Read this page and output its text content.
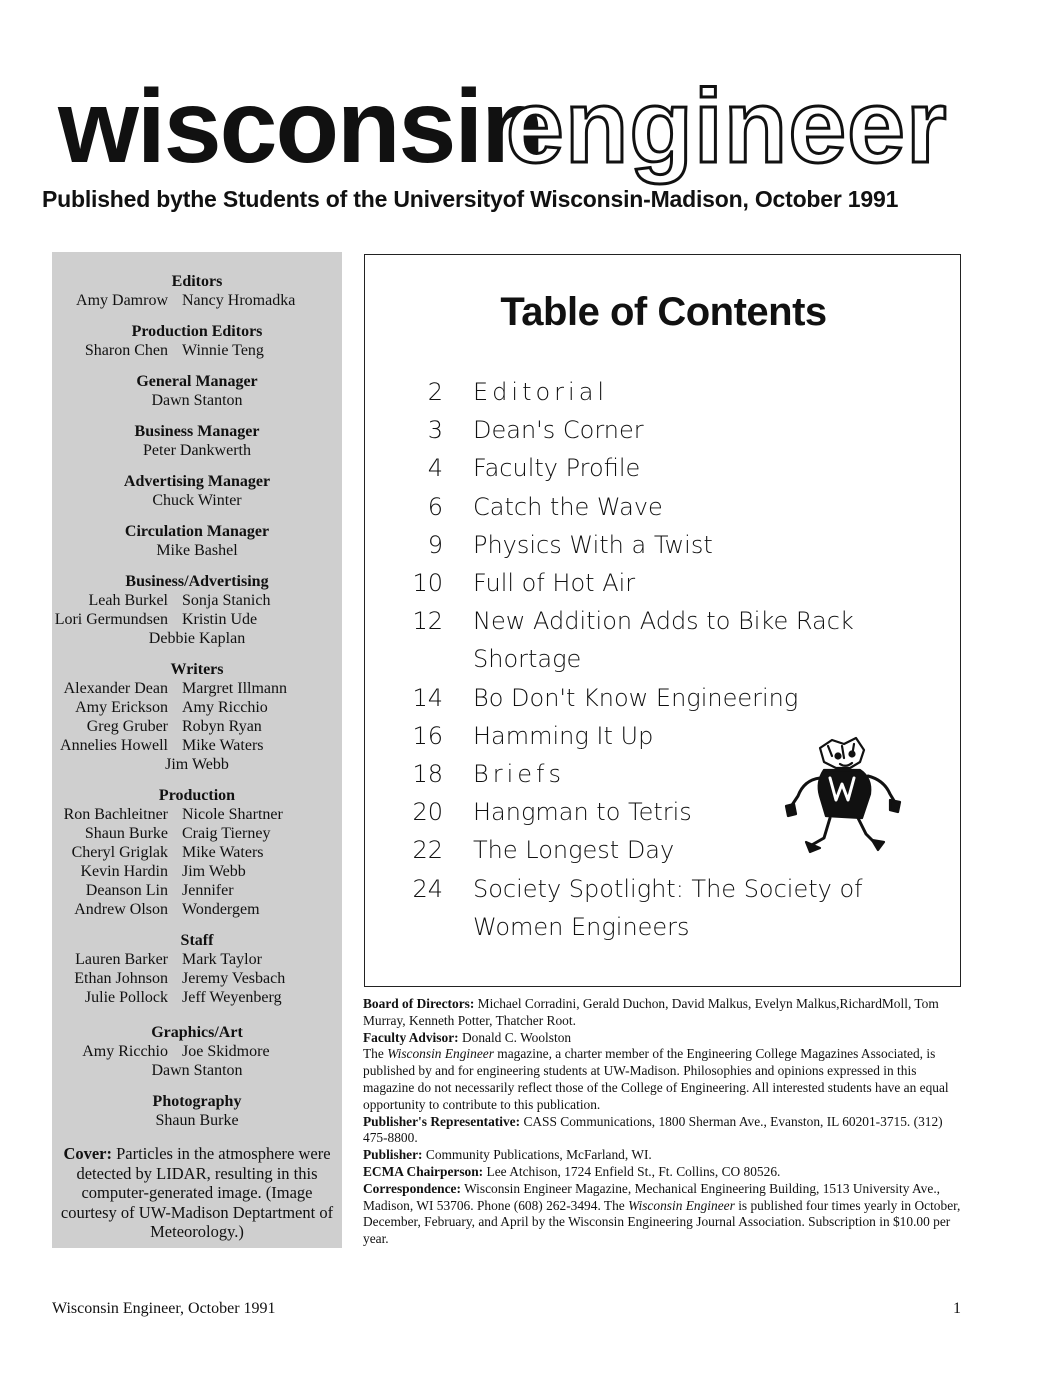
wisconsin
engineer
Published bythe Students of the Universityof Wisconsin-Madison, October 1991
Editors
Amy Damrow Nancy Hromadka
Production Editors
Sharon Chen Winnie Teng
General Manager
Dawn Stanton
Business Manager
Peter Dankwerth
Advertising Manager
Chuck Winter
Circulation Manager
Mike Bashel
Business/Advertising
Leah Burkel Sonja Stanich
Lori Germundsen Kristin Ude
Debbie Kaplan
Writers
Alexander Dean Margret Illmann
Amy Erickson Amy Ricchio
Greg Gruber Robyn Ryan
Annelies Howell Mike Waters
Jim Webb
Production
Ron Bachleitner Nicole Shartner
Shaun Burke Craig Tierney
Cheryl Griglak Mike Waters
Kevin Hardin Jim Webb
Deanson Lin Jennifer
Andrew Olson Wondergem
Staff
Lauren Barker Mark Taylor
Ethan Johnson Jeremy Vesbach
Julie Pollock Jeff Weyenberg
Graphics/Art
Amy Ricchio Joe Skidmore
Dawn Stanton
Photography
Shaun Burke
Cover: Particles in the atmosphere were detected by LIDAR, resulting in this computer-generated image. (Image courtesy of UW-Madison Deptartment of Meteorology.)
Table of Contents
2 Editorial
3 Dean's Corner
4 Faculty Profile
6 Catch the Wave
9 Physics With a Twist
10 Full of Hot Air
12 New Addition Adds to Bike Rack Shortage
14 Bo Don't Know Engineering
16 Hamming It Up
18 Briefs
20 Hangman to Tetris
22 The Longest Day
24 Society Spotlight: The Society of Women Engineers

Board of Directors: Michael Corradini, Gerald Duchon, David Malkus, Evelyn Malkus,RichardMoll, Tom Murray, Kenneth Potter, Thatcher Root.

Faculty Advisor: Donald C. Woolston

The Wisconsin Engineer magazine, a charter member of the Engineering College Magazines Associated, is published by and for engineering students at UW-Madison. Philosophies and opinions expressed in this magazine do not necessarily reflect those of the College of Engineering. All interested students have an equal opportunity to contribute to this publication.

Publisher's Representative: CASS Communications, 1800 Sherman Ave., Evanston, IL 60201-3715. (312) 475-8800.

Publisher: Community Publications, McFarland, WI.

ECMA Chairperson: Lee Atchison, 1724 Enfield St., Ft. Collins, CO 80526.

Correspondence: Wisconsin Engineer Magazine, Mechanical Engineering Building, 1513 University Ave., Madison, WI 53706. Phone (608) 262-3494. The Wisconsin Engineer is published four times yearly in October, December, February, and April by the Wisconsin Engineering Journal Association. Subscription in $10.00 per year.

Wisconsin Engineer, October 1991	1
